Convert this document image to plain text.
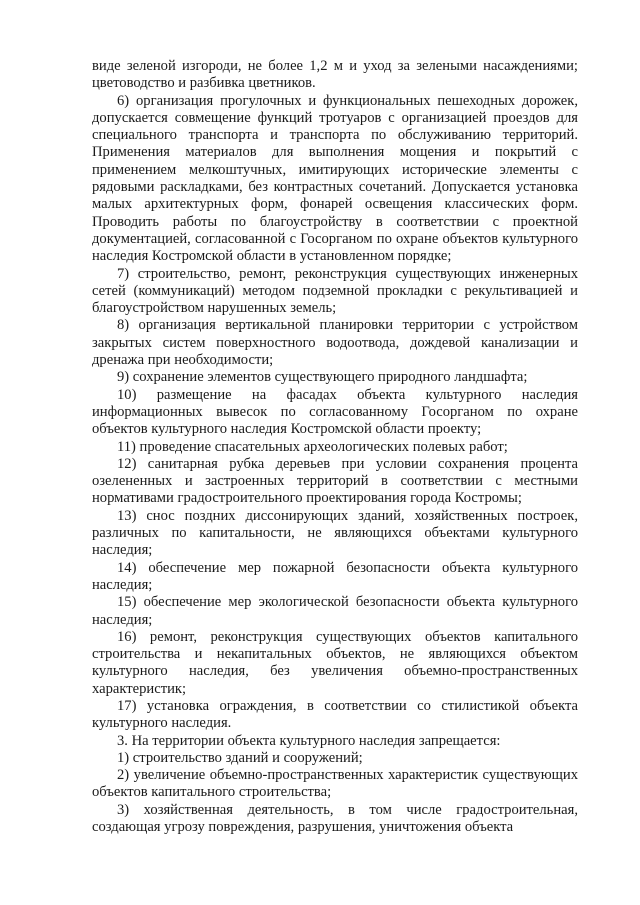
виде зеленой изгороди, не более 1,2 м и уход за зелеными насаждениями; цветоводство и разбивка цветников.

6) организация прогулочных и функциональных пешеходных дорожек, допускается совмещение функций тротуаров с организацией проездов для специального транспорта и транспорта по обслуживанию территорий. Применения материалов для выполнения мощения и покрытий с применением мелкоштучных, имитирующих исторические элементы с рядовыми раскладками, без контрастных сочетаний. Допускается установка малых архитектурных форм, фонарей освещения классических форм. Проводить работы по благоустройству в соответствии с проектной документацией, согласованной с Госорганом по охране объектов культурного наследия Костромской области в установленном порядке;

7) строительство, ремонт, реконструкция существующих инженерных сетей (коммуникаций) методом подземной прокладки с рекультивацией и благоустройством нарушенных земель;

8) организация вертикальной планировки территории с устройством закрытых систем поверхностного водоотвода, дождевой канализации и дренажа при необходимости;

9) сохранение элементов существующего природного ландшафта;

10) размещение на фасадах объекта культурного наследия информационных вывесок по согласованному Госорганом по охране объектов культурного наследия Костромской области проекту;

11) проведение спасательных археологических полевых работ;

12) санитарная рубка деревьев при условии сохранения процента озелененных и застроенных территорий в соответствии с местными нормативами градостроительного проектирования города Костромы;

13) снос поздних диссонирующих зданий, хозяйственных построек, различных по капитальности, не являющихся объектами культурного наследия;

14) обеспечение мер пожарной безопасности объекта культурного наследия;

15) обеспечение мер экологической безопасности объекта культурного наследия;

16) ремонт, реконструкция существующих объектов капитального строительства и некапитальных объектов, не являющихся объектом культурного наследия, без увеличения объемно-пространственных характеристик;

17) установка ограждения, в соответствии со стилистикой объекта культурного наследия.

3. На территории объекта культурного наследия запрещается:

1) строительство зданий и сооружений;

2) увеличение объемно-пространственных характеристик существующих объектов капитального строительства;

3) хозяйственная деятельность, в том числе градостроительная, создающая угрозу повреждения, разрушения, уничтожения объекта
